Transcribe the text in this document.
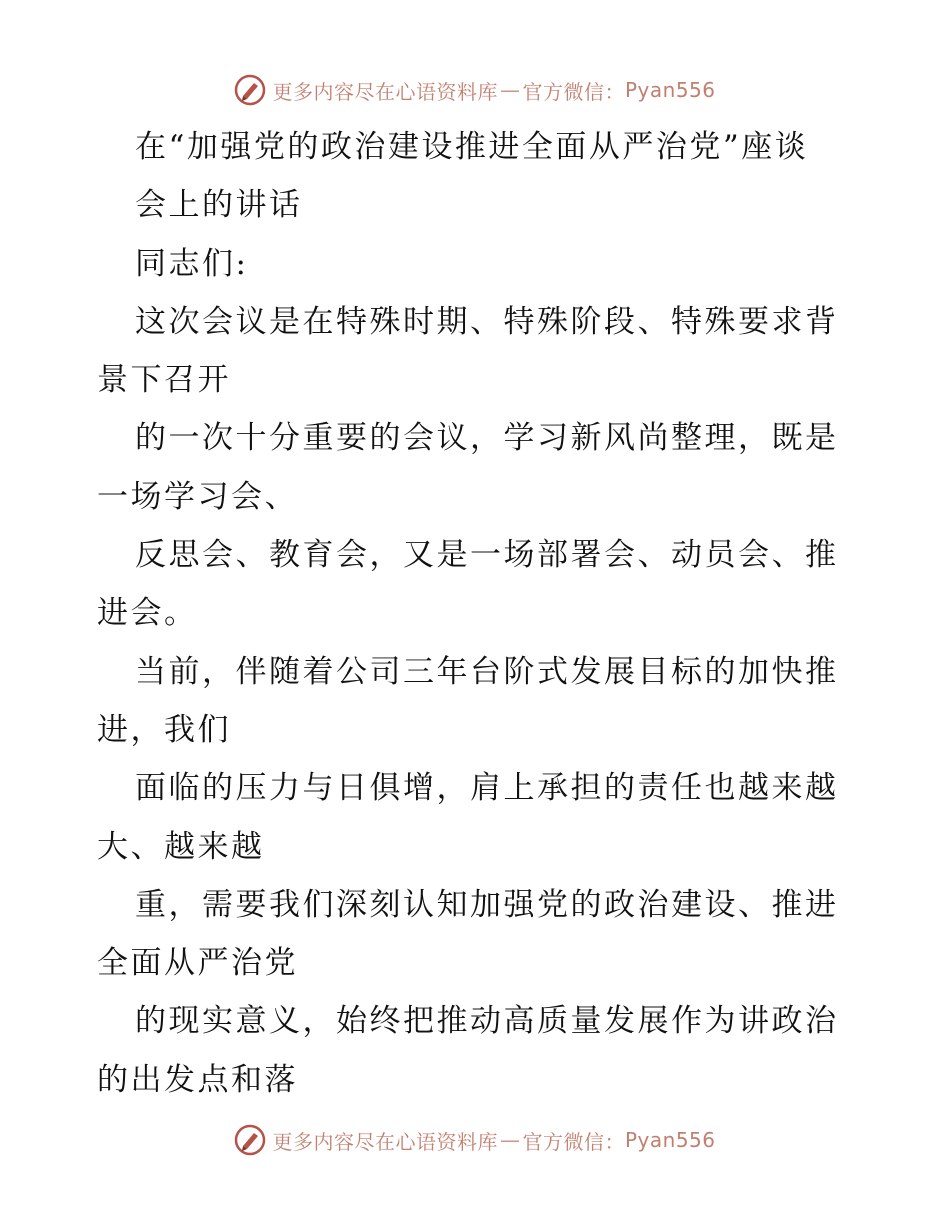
更多内容尽在心语资料库 — 官方微信： Pyan556
在“加强党的政治建设推进全面从严治党”座谈
会上的讲话
同志们:
这次会议是在特殊时期、特殊阶段、特殊要求背
景下召开
的一次十分重要的会议，学习新风尚整理，既是
一场学习会、
反思会、教育会，又是一场部署会、动员会、推
进会。
当前，伴随着公司三年台阶式发展目标的加快推
进，我们
面临的压力与日俱增，肩上承担的责任也越来越
大、越来越
重，需要我们深刻认知加强党的政治建设、推进
全面从严治党
的现实意义，始终把推动高质量发展作为讲政治
的出发点和落
更多内容尽在心语资料库 — 官方微信： Pyan556
